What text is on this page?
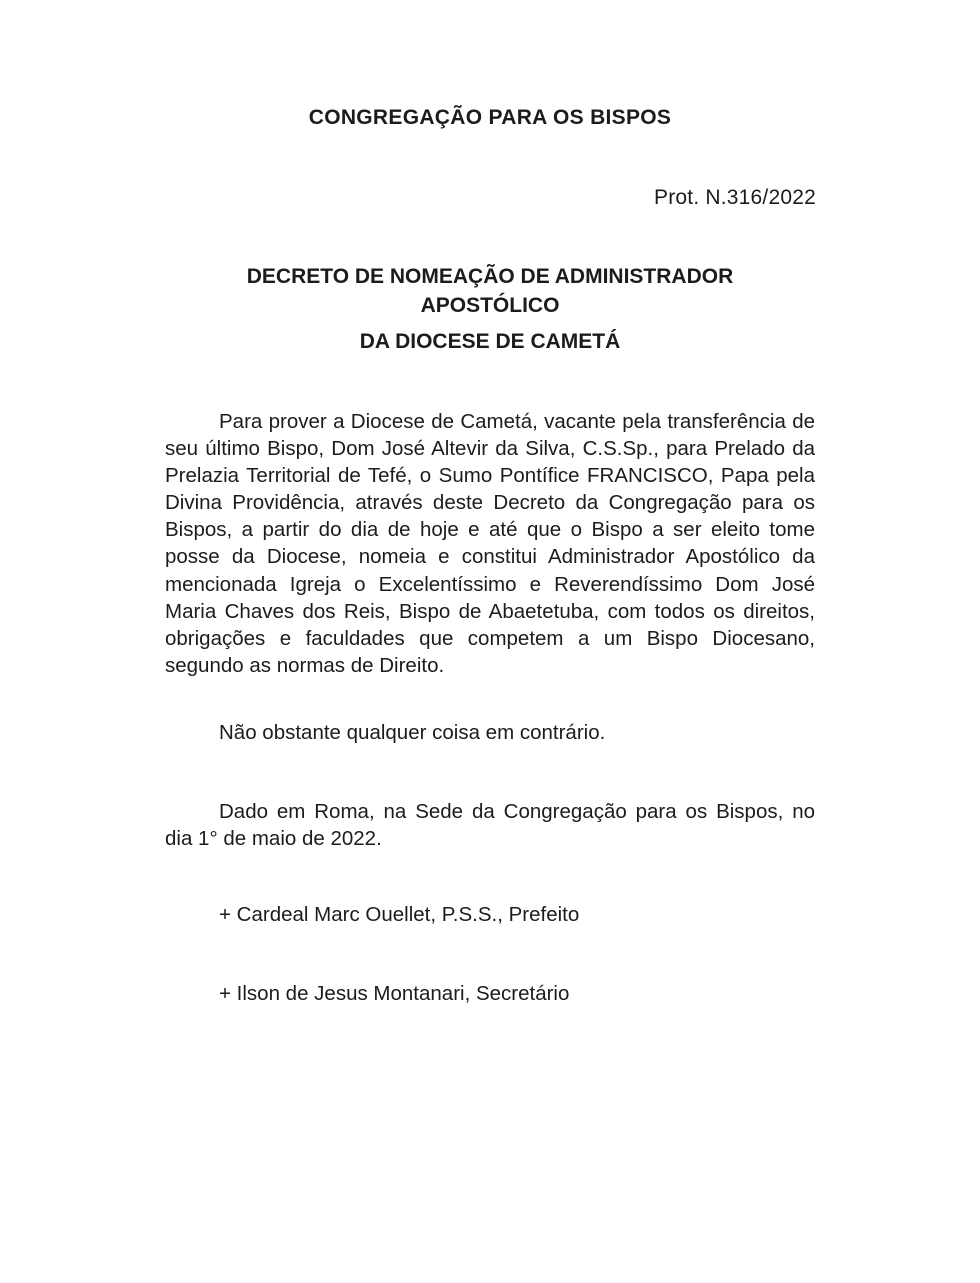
CONGREGAÇÃO PARA OS BISPOS
Prot. N.316/2022
DECRETO DE NOMEAÇÃO DE ADMINISTRADOR
APOSTÓLICO
DA DIOCESE DE CAMETÁ

Para prover a Diocese de Cametá, vacante pela transferência de seu último Bispo, Dom José Altevir da Silva, C.S.Sp., para Prelado da Prelazia Territorial de Tefé, o Sumo Pontífice FRANCISCO, Papa pela Divina Providência, através deste Decreto da Congregação para os Bispos, a partir do dia de hoje e até que o Bispo a ser eleito tome posse da Diocese, nomeia e constitui Administrador Apostólico da mencionada Igreja o Excelentíssimo e Reverendíssimo Dom José Maria Chaves dos Reis, Bispo de Abaetetuba, com todos os direitos, obrigações e faculdades que competem a um Bispo Diocesano, segundo as normas de Direito.

Não obstante qualquer coisa em contrário.

Dado em Roma, na Sede da Congregação para os Bispos, no dia 1° de maio de 2022.

+ Cardeal Marc Ouellet, P.S.S., Prefeito
+ Ilson de Jesus Montanari, Secretário
